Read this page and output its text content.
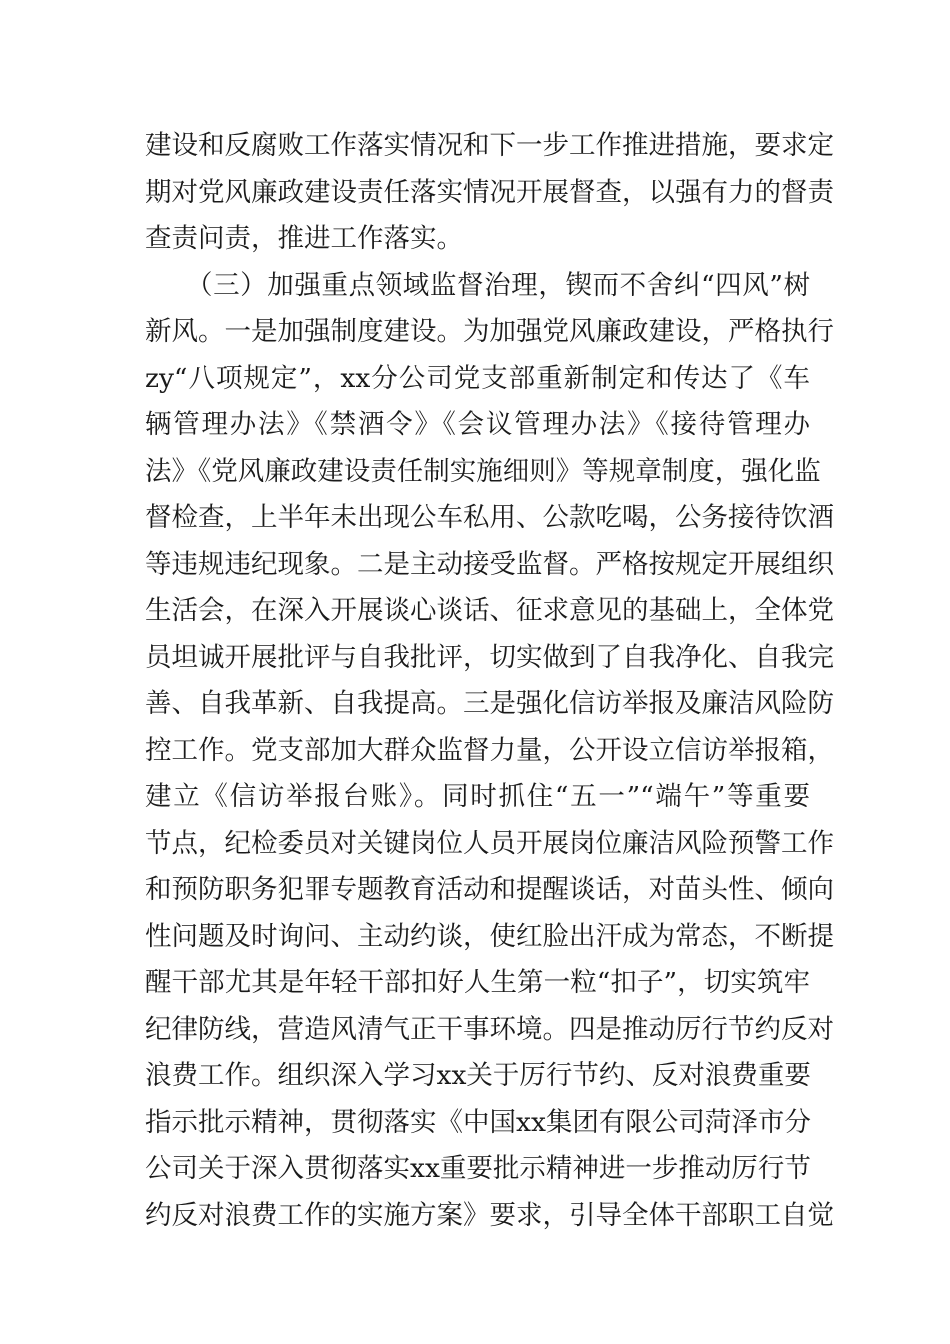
建设和反腐败工作落实情况和下一步工作推进措施，要求定
期对党风廉政建设责任落实情况开展督查，以强有力的督责
查责问责，推进工作落实。
　　（三）加强重点领域监督治理，锲而不舍纠“四风”树
新风。一是加强制度建设。为加强党风廉政建设，严格执行
zy“八项规定”，xx分公司党支部重新制定和传达了《车
辆管理办法》《禁酒令》《会议管理办法》《接待管理办
法》《党风廉政建设责任制实施细则》等规章制度，强化监
督检查，上半年未出现公车私用、公款吃喝，公务接待饮酒
等违规违纪现象。二是主动接受监督。严格按规定开展组织
生活会，在深入开展谈心谈话、征求意见的基础上，全体党
员坦诚开展批评与自我批评，切实做到了自我净化、自我完
善、自我革新、自我提高。三是强化信访举报及廉洁风险防
控工作。党支部加大群众监督力量，公开设立信访举报箱，
建立《信访举报台账》。同时抓住“五一”“端午”等重要
节点，纪检委员对关键岗位人员开展岗位廉洁风险预警工作
和预防职务犯罪专题教育活动和提醒谈话，对苗头性、倾向
性问题及时询问、主动约谈，使红脸出汗成为常态，不断提
醒干部尤其是年轻干部扣好人生第一粒“扣子”，切实筑牢
纪律防线，营造风清气正干事环境。四是推动厉行节约反对
浪费工作。组织深入学习xx关于厉行节约、反对浪费重要
指示批示精神，贯彻落实《中国xx集团有限公司菏泽市分
公司关于深入贯彻落实xx重要批示精神进一步推动厉行节
约反对浪费工作的实施方案》要求，引导全体干部职工自觉
